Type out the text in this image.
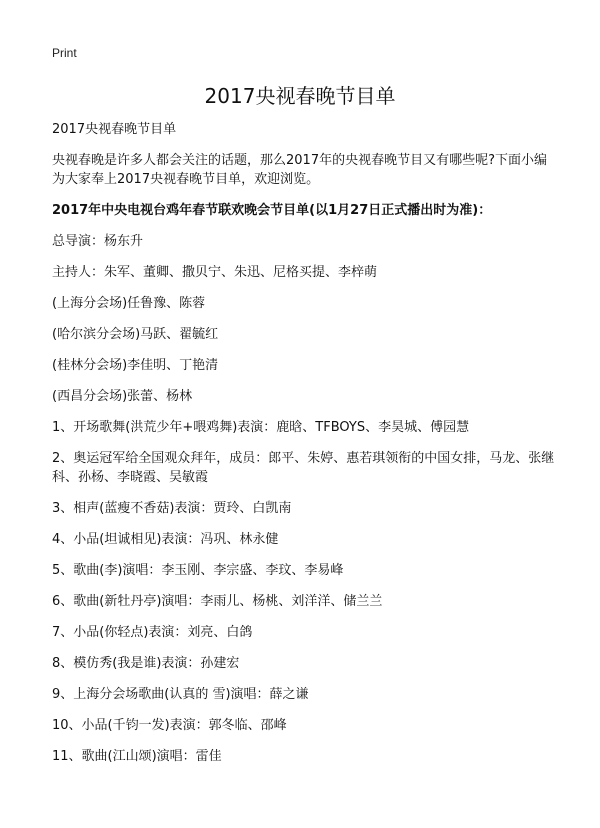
Print
2017央视春晚节目单

2017央视春晚节目单

央视春晚是许多人都会关注的话题，那么2017年的央视春晚节目又有哪些呢?下面小编为大家奉上2017央视春晚节目单，欢迎浏览。

2017年中央电视台鸡年春节联欢晚会节目单(以1月27日正式播出时为准)：

总导演：杨东升

主持人：朱军、董卿、撒贝宁、朱迅、尼格买提、李梓萌

(上海分会场)任鲁豫、陈蓉
(哈尔滨分会场)马跃、翟毓红
(桂林分会场)李佳明、丁艳清
(西昌分会场)张蕾、杨林
1、开场歌舞(洪荒少年+喂鸡舞)表演：鹿晗、TFBOYS、李昊城、傅园慧
2、奥运冠军给全国观众拜年，成员：郎平、朱婷、惠若琪领衔的中国女排，马龙、张继科、孙杨、李晓霞、吴敏霞
3、相声(蓝瘦不香菇)表演：贾玲、白凯南
4、小品(坦诚相见)表演：冯巩、林永健
5、歌曲(李)演唱：李玉刚、李宗盛、李玟、李易峰
6、歌曲(新牡丹亭)演唱：李雨儿、杨桃、刘洋洋、储兰兰
7、小品(你轻点)表演：刘亮、白鸽
8、模仿秀(我是谁)表演：孙建宏
9、上海分会场歌曲(认真的 雪)演唱：薛之谦
10、小品(千钧一发)表演：郭冬临、邵峰
11、歌曲(江山颂)演唱：雷佳
